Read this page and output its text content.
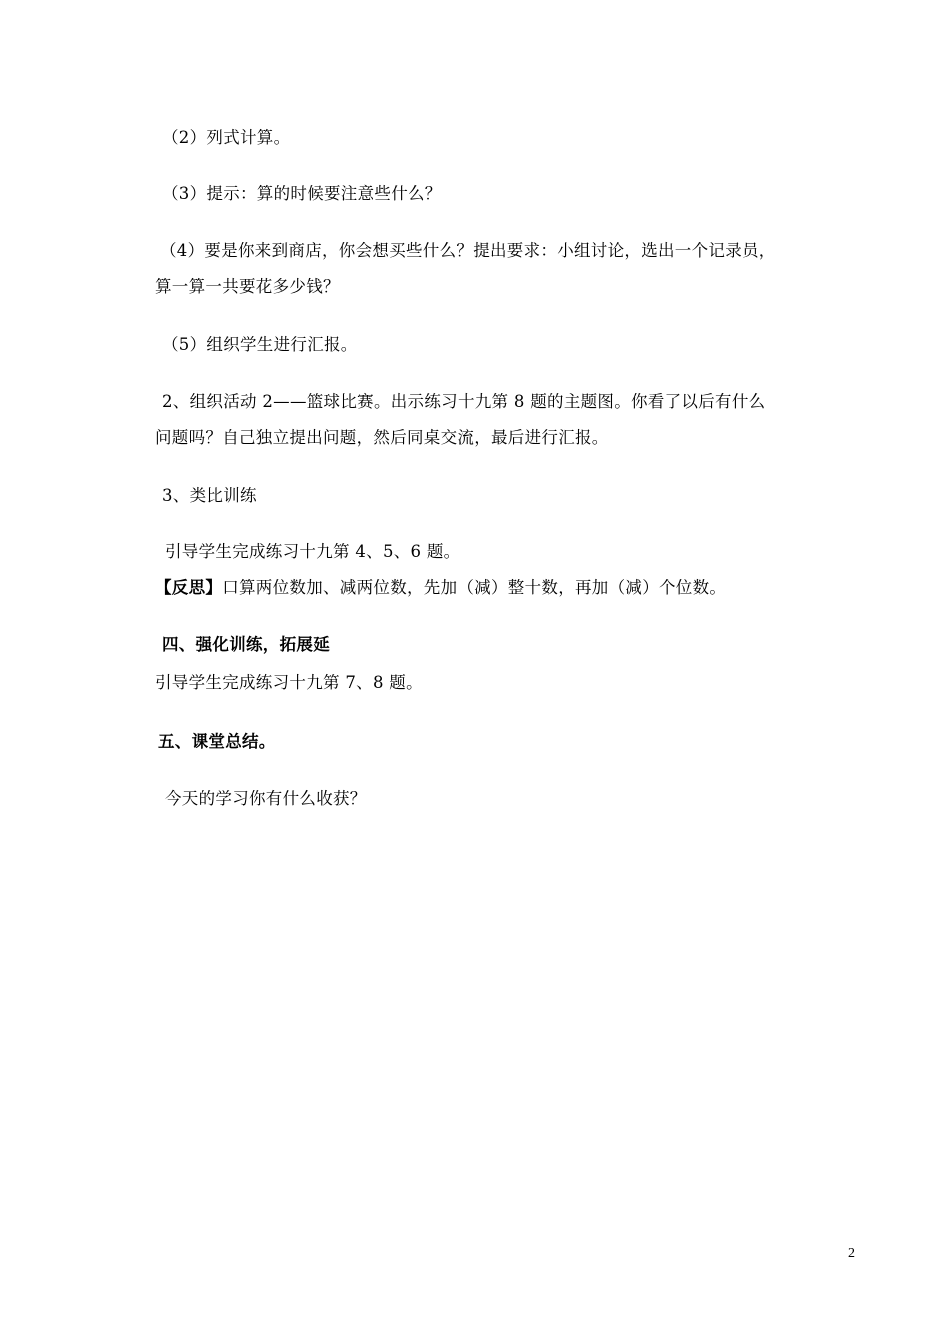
（2）列式计算。
（3）提示：算的时候要注意些什么？
（4）要是你来到商店，你会想买些什么？提出要求：小组讨论，选出一个记录员，
算一算一共要花多少钱？
（5）组织学生进行汇报。
2、组织活动 2——篮球比赛。出示练习十九第 8 题的主题图。你看了以后有什么
问题吗？自己独立提出问题，然后同桌交流，最后进行汇报。
3、类比训练
引导学生完成练习十九第 4、5、6 题。
【反思】口算两位数加、减两位数，先加（减）整十数，再加（减）个位数。
四、强化训练，拓展延
引导学生完成练习十九第 7、8 题。
五、课堂总结。
今天的学习你有什么收获？
2
